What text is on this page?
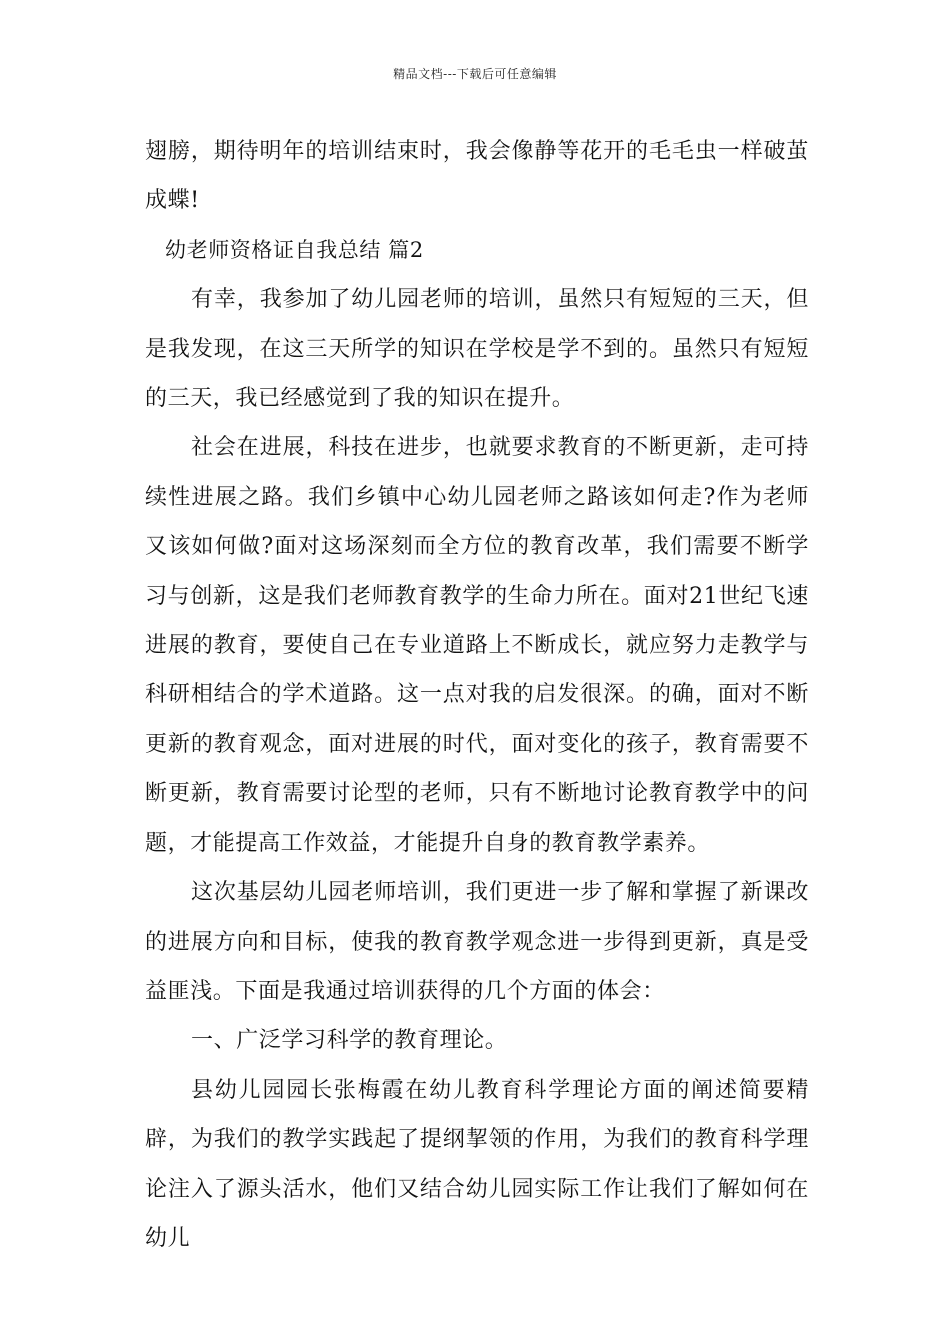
精品文档---下载后可任意编辑

翅膀，期待明年的培训结束时，我会像静等花开的毛毛虫一样破茧成蝶!

幼老师资格证自我总结 篇2

有幸，我参加了幼儿园老师的培训，虽然只有短短的三天，但是我发现，在这三天所学的知识在学校是学不到的。虽然只有短短的三天，我已经感觉到了我的知识在提升。

社会在进展，科技在进步，也就要求教育的不断更新，走可持续性进展之路。我们乡镇中心幼儿园老师之路该如何走?作为老师又该如何做?面对这场深刻而全方位的教育改革，我们需要不断学习与创新，这是我们老师教育教学的生命力所在。面对21世纪飞速进展的教育，要使自己在专业道路上不断成长，就应努力走教学与科研相结合的学术道路。这一点对我的启发很深。的确，面对不断更新的教育观念，面对进展的时代，面对变化的孩子，教育需要不断更新，教育需要讨论型的老师，只有不断地讨论教育教学中的问题，才能提高工作效益，才能提升自身的教育教学素养。

这次基层幼儿园老师培训，我们更进一步了解和掌握了新课改的进展方向和目标，使我的教育教学观念进一步得到更新，真是受益匪浅。下面是我通过培训获得的几个方面的体会：

一、广泛学习科学的教育理论。

县幼儿园园长张梅霞在幼儿教育科学理论方面的阐述简要精辟，为我们的教学实践起了提纲挈领的作用，为我们的教育科学理论注入了源头活水，他们又结合幼儿园实际工作让我们了解如何在幼儿
